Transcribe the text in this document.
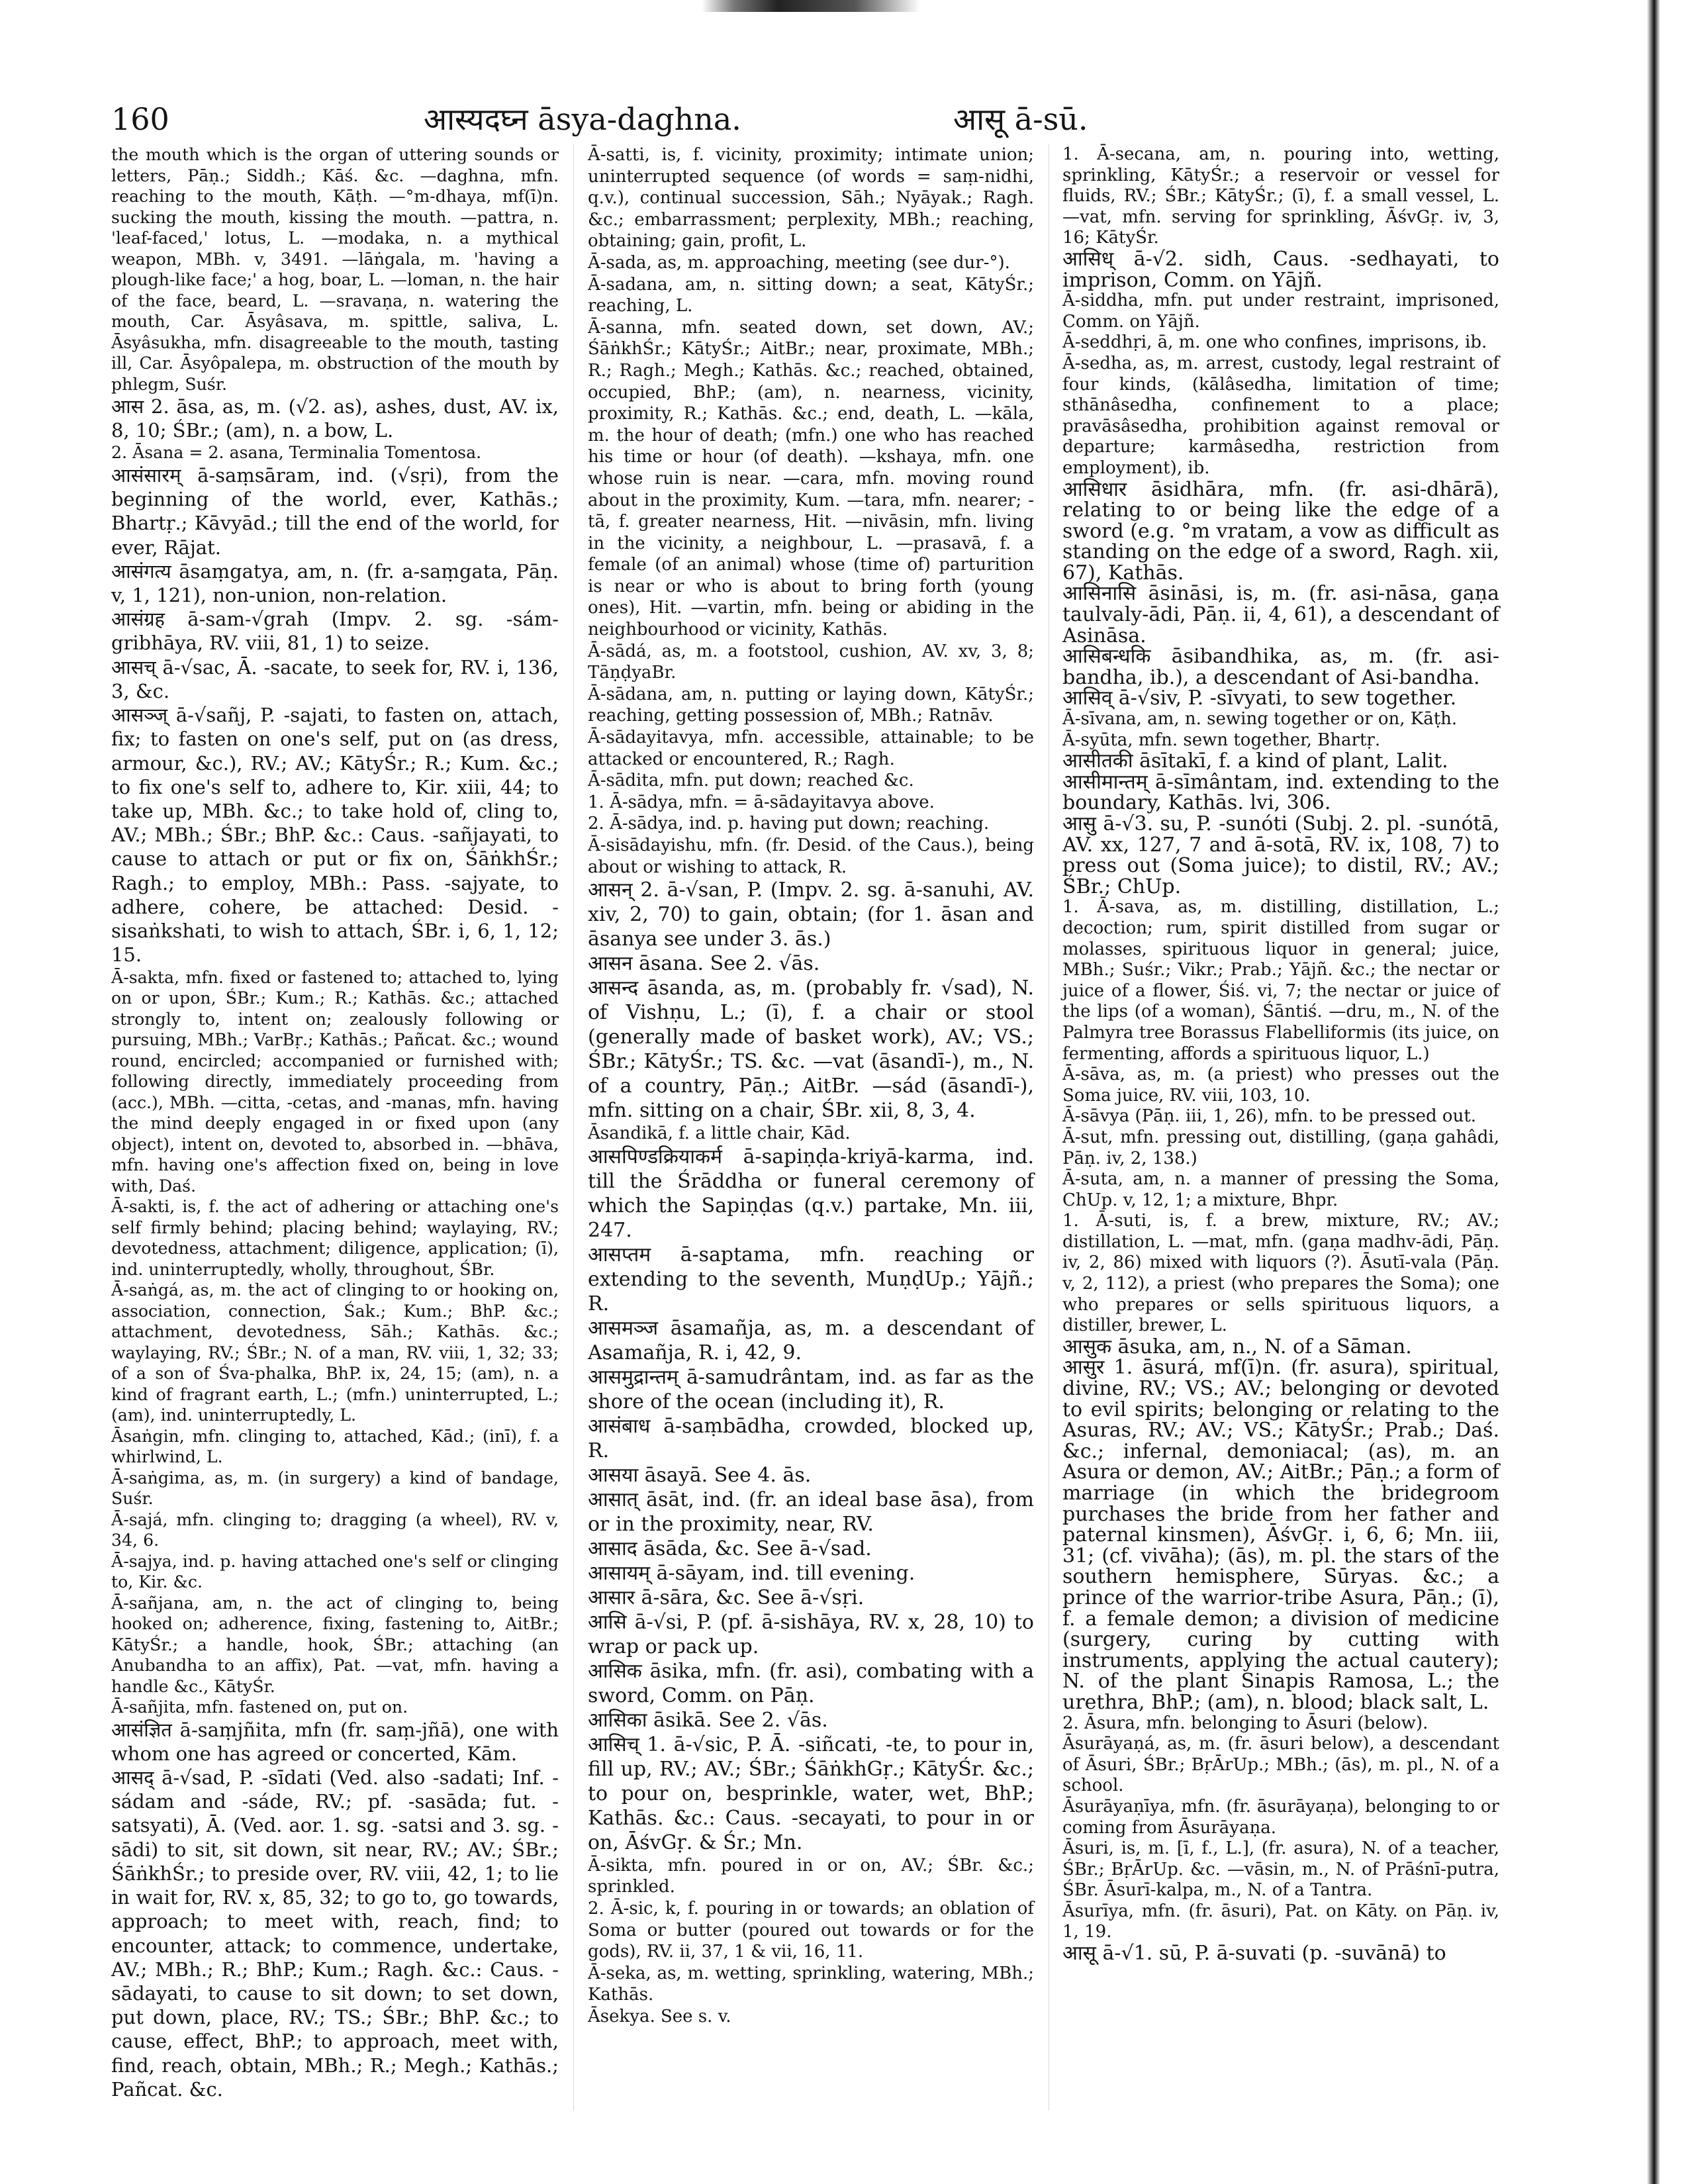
160	आस्यदघ्न āsya-daghna.	आसू ā-sū.

the mouth which is the organ of uttering sounds or letters, Pāṇ.; Siddh.; Kāś. &c. —daghna, mfn. reaching to the mouth, Kāṭh. —°m-dhaya, mf(ī)n. sucking the mouth, kissing the mouth. —pattra, n. 'leaf-faced,' lotus, L. —modaka, n. a mythical weapon, MBh. v, 3491. —lāṅgala, m. 'having a plough-like face;' a hog, boar, L. —loman, n. the hair of the face, beard, L. —sravaṇa, n. watering the mouth, Car. Āsyâsava, m. spittle, saliva, L. Āsyâsukha, mfn. disagreeable to the mouth, tasting ill, Car. Āsyôpalepa, m. obstruction of the mouth by phlegm, Suśr.

आस 2. āsa, as, m. (√2. as), ashes, dust, AV. ix, 8, 10; ŚBr.; (am), n. a bow, L.

2. Āsana = 2. asana, Terminalia Tomentosa.

आसंसारम् ā-saṃsāram, ind. (√sṛi), from the beginning of the world, ever, Kathās.; Bhartṛ.; Kāvyād.; till the end of the world, for ever, Rājat.

आसंगत्य āsaṃgatya, am, n. (fr. a-saṃgata, Pāṇ. v, 1, 121), non-union, non-relation.

आसंग्रह ā-sam-√grah (Impv. 2. sg. -sám-gribhāya, RV. viii, 81, 1) to seize.

आसच् ā-√sac, Ā. -sacate, to seek for, RV. i, 136, 3, &c.

आसञ्ज् ā-√sañj, P. -sajati, to fasten on, attach, fix; to fasten on one's self, put on (as dress, armour, &c.), RV.; AV.; KātyŚr.; R.; Kum. &c.; to fix one's self to, adhere to, Kir. xiii, 44; to take up, MBh. &c.; to take hold of, cling to, AV.; MBh.; ŚBr.; BhP. &c.: Caus. -sañjayati, to cause to attach or put or fix on, ŚāṅkhŚr.; Ragh.; to employ, MBh.: Pass. -sajyate, to adhere, cohere, be attached: Desid. -sisaṅkshati, to wish to attach, ŚBr. i, 6, 1, 12; 15.

Ā-sakta, mfn. fixed or fastened to; attached to, lying on or upon, ŚBr.; Kum.; R.; Kathās. &c.; attached strongly to, intent on; zealously following or pursuing, MBh.; VarBṛ.; Kathās.; Pañcat. &c.; wound round, encircled; accompanied or furnished with; following directly, immediately proceeding from (acc.), MBh. —citta, -cetas, and -manas, mfn. having the mind deeply engaged in or fixed upon (any object), intent on, devoted to, absorbed in. —bhāva, mfn. having one's affection fixed on, being in love with, Daś.

Ā-sakti, is, f. the act of adhering or attaching one's self firmly behind; placing behind; waylaying, RV.; devotedness, attachment; diligence, application; (ī), ind. uninterruptedly, wholly, throughout, ŚBr.

Ā-saṅgá, as, m. the act of clinging to or hooking on, association, connection, Śak.; Kum.; BhP. &c.; attachment, devotedness, Sāh.; Kathās. &c.; waylaying, RV.; ŚBr.; N. of a man, RV. viii, 1, 32; 33; of a son of Śva-phalka, BhP. ix, 24, 15; (am), n. a kind of fragrant earth, L.; (mfn.) uninterrupted, L.; (am), ind. uninterruptedly, L.

Āsaṅgin, mfn. clinging to, attached, Kād.; (inī), f. a whirlwind, L.

Ā-saṅgima, as, m. (in surgery) a kind of bandage, Suśr.

Ā-sajá, mfn. clinging to; dragging (a wheel), RV. v, 34, 6.

Ā-sajya, ind. p. having attached one's self or clinging to, Kir. &c.

Ā-sañjana, am, n. the act of clinging to, being hooked on; adherence, fixing, fastening to, AitBr.; KātyŚr.; a handle, hook, ŚBr.; attaching (an Anubandha to an affix), Pat. —vat, mfn. having a handle &c., KātyŚr.

Ā-sañjita, mfn. fastened on, put on.

आसंज्ञित ā-saṃjñita, mfn (fr. saṃ-jñā), one with whom one has agreed or concerted, Kām.

आसद् ā-√sad, P. -sīdati (Ved. also -sadati; Inf. -sádam and -sáde, RV.; pf. -sasāda; fut. -satsyati), Ā. (Ved. aor. 1. sg. -satsi and 3. sg. -sādi) to sit, sit down, sit near, RV.; AV.; ŚBr.; ŚāṅkhŚr.; to preside over, RV. viii, 42, 1; to lie in wait for, RV. x, 85, 32; to go to, go towards, approach; to meet with, reach, find; to encounter, attack; to commence, undertake, AV.; MBh.; R.; BhP.; Kum.; Ragh. &c.: Caus. -sādayati, to cause to sit down; to set down, put down, place, RV.; TS.; ŚBr.; BhP. &c.; to cause, effect, BhP.; to approach, meet with, find, reach, obtain, MBh.; R.; Megh.; Kathās.; Pañcat. &c.

Ā-satti, is, f. vicinity, proximity; intimate union; uninterrupted sequence (of words = saṃ-nidhi, q.v.), continual succession, Sāh.; Nyāyak.; Ragh. &c.; embarrassment; perplexity, MBh.; reaching, obtaining; gain, profit, L.

Ā-sada, as, m. approaching, meeting (see dur-°).

Ā-sadana, am, n. sitting down; a seat, KātyŚr.; reaching, L.

Ā-sanna, mfn. seated down, set down, AV.; ŚāṅkhŚr.; KātyŚr.; AitBr.; near, proximate, MBh.; R.; Ragh.; Megh.; Kathās. &c.; reached, obtained, occupied, BhP.; (am), n. nearness, vicinity, proximity, R.; Kathās. &c.; end, death, L. —kāla, m. the hour of death; (mfn.) one who has reached his time or hour (of death). —kshaya, mfn. one whose ruin is near. —cara, mfn. moving round about in the proximity, Kum. —tara, mfn. nearer; -tā, f. greater nearness, Hit. —nivāsin, mfn. living in the vicinity, a neighbour, L. —prasavā, f. a female (of an animal) whose (time of) parturition is near or who is about to bring forth (young ones), Hit. —vartin, mfn. being or abiding in the neighbourhood or vicinity, Kathās.

Ā-sādá, as, m. a footstool, cushion, AV. xv, 3, 8; TāṇḍyaBr.

Ā-sādana, am, n. putting or laying down, KātyŚr.; reaching, getting possession of, MBh.; Ratnāv.

Ā-sādayitavya, mfn. accessible, attainable; to be attacked or encountered, R.; Ragh.

Ā-sādita, mfn. put down; reached &c.

1. Ā-sādya, mfn. = ā-sādayitavya above.

2. Ā-sādya, ind. p. having put down; reaching.

Ā-sisādayishu, mfn. (fr. Desid. of the Caus.), being about or wishing to attack, R.

आसन् 2. ā-√san, P. (Impv. 2. sg. ā-sanuhi, AV. xiv, 2, 70) to gain, obtain; (for 1. āsan and āsanya see under 3. ās.)

आसन āsana. See 2. √ās.

आसन्द āsanda, as, m. (probably fr. √sad), N. of Vishṇu, L.; (ī), f. a chair or stool (generally made of basket work), AV.; VS.; ŚBr.; KātyŚr.; TS. &c. —vat (āsandī-), m., N. of a country, Pāṇ.; AitBr. —sád (āsandī-), mfn. sitting on a chair, ŚBr. xii, 8, 3, 4.

Āsandikā, f. a little chair, Kād.

आसपिण्डक्रियाकर्म ā-sapiṇḍa-kriyā-karma, ind. till the Śrāddha or funeral ceremony of which the Sapiṇḍas (q.v.) partake, Mn. iii, 247.

आसप्तम ā-saptama, mfn. reaching or extending to the seventh, MuṇḍUp.; Yājñ.; R.

आसमञ्ज āsamañja, as, m. a descendant of Asamañja, R. i, 42, 9.

आसमुद्रान्तम् ā-samudrântam, ind. as far as the shore of the ocean (including it), R.

आसंबाध ā-saṃbādha, crowded, blocked up, R.

आसया āsayā. See 4. ās.

आसात् āsāt, ind. (fr. an ideal base āsa), from or in the proximity, near, RV.

आसाद āsāda, &c. See ā-√sad.

आसायम् ā-sāyam, ind. till evening.

आसार ā-sāra, &c. See ā-√sṛi.

आसि ā-√si, P. (pf. ā-sishāya, RV. x, 28, 10) to wrap or pack up.

आसिक āsika, mfn. (fr. asi), combating with a sword, Comm. on Pāṇ.

आसिका āsikā. See 2. √ās.

आसिच् 1. ā-√sic, P. Ā. -siñcati, -te, to pour in, fill up, RV.; AV.; ŚBr.; ŚāṅkhGṛ.; KātyŚr. &c.; to pour on, besprinkle, water, wet, BhP.; Kathās. &c.: Caus. -secayati, to pour in or on, ĀśvGṛ. & Śr.; Mn.

Ā-sikta, mfn. poured in or on, AV.; ŚBr. &c.; sprinkled.

2. Ā-sic, k, f. pouring in or towards; an oblation of Soma or butter (poured out towards or for the gods), RV. ii, 37, 1 & vii, 16, 11.

Ā-seka, as, m. wetting, sprinkling, watering, MBh.; Kathās.

Āsekya. See s. v.

1. Ā-secana, am, n. pouring into, wetting, sprinkling, KātyŚr.; a reservoir or vessel for fluids, RV.; ŚBr.; KātyŚr.; (ī), f. a small vessel, L. —vat, mfn. serving for sprinkling, ĀśvGṛ. iv, 3, 16; KātyŚr.

आसिध् ā-√2. sidh, Caus. -sedhayati, to imprison, Comm. on Yājñ.

Ā-siddha, mfn. put under restraint, imprisoned, Comm. on Yājñ.

Ā-seddhṛi, ā, m. one who confines, imprisons, ib.

Ā-sedha, as, m. arrest, custody, legal restraint of four kinds, (kālâsedha, limitation of time; sthānâsedha, confinement to a place; pravāsâsedha, prohibition against removal or departure; karmâsedha, restriction from employment), ib.

आसिधार āsidhāra, mfn. (fr. asi-dhārā), relating to or being like the edge of a sword (e.g. °m vratam, a vow as difficult as standing on the edge of a sword, Ragh. xii, 67), Kathās.

आसिनासि āsināsi, is, m. (fr. asi-nāsa, gaṇa taulvaly-ādi, Pāṇ. ii, 4, 61), a descendant of Asināsa.

आसिबन्धकि āsibandhika, as, m. (fr. asi-bandha, ib.), a descendant of Asi-bandha.

आसिव् ā-√siv, P. -sīvyati, to sew together.

Ā-sīvana, am, n. sewing together or on, Kāṭh.

Ā-syūta, mfn. sewn together, Bhartṛ.

आसीतकी āsītakī, f. a kind of plant, Lalit.

आसीमान्तम् ā-sīmântam, ind. extending to the boundary, Kathās. lvi, 306.

आसु ā-√3. su, P. -sunóti (Subj. 2. pl. -sunótā, AV. xx, 127, 7 and ā-sotā, RV. ix, 108, 7) to press out (Soma juice); to distil, RV.; AV.; ŚBr.; ChUp.

1. Ā-sava, as, m. distilling, distillation, L.; decoction; rum, spirit distilled from sugar or molasses, spirituous liquor in general; juice, MBh.; Suśr.; Vikr.; Prab.; Yājñ. &c.; the nectar or juice of a flower, Śiś. vi, 7; the nectar or juice of the lips (of a woman), Śāntiś. —dru, m., N. of the Palmyra tree Borassus Flabelliformis (its juice, on fermenting, affords a spirituous liquor, L.)

Ā-sāva, as, m. (a priest) who presses out the Soma juice, RV. viii, 103, 10.

Ā-sāvya (Pāṇ. iii, 1, 26), mfn. to be pressed out.

Ā-sut, mfn. pressing out, distilling, (gaṇa gahâdi, Pāṇ. iv, 2, 138.)

Ā-suta, am, n. a manner of pressing the Soma, ChUp. v, 12, 1; a mixture, Bhpr.

1. Ā-suti, is, f. a brew, mixture, RV.; AV.; distillation, L. —mat, mfn. (gaṇa madhv-ādi, Pāṇ. iv, 2, 86) mixed with liquors (?). Āsutī-vala (Pāṇ. v, 2, 112), a priest (who prepares the Soma); one who prepares or sells spirituous liquors, a distiller, brewer, L.

आसुक āsuka, am, n., N. of a Sāman.

आसुर 1. āsurá, mf(ī)n. (fr. asura), spiritual, divine, RV.; VS.; AV.; belonging or devoted to evil spirits; belonging or relating to the Asuras, RV.; AV.; VS.; KātyŚr.; Prab.; Daś. &c.; infernal, demoniacal; (as), m. an Asura or demon, AV.; AitBr.; Pāṇ.; a form of marriage (in which the bridegroom purchases the bride from her father and paternal kinsmen), ĀśvGṛ. i, 6, 6; Mn. iii, 31; (cf. vivāha); (ās), m. pl. the stars of the southern hemisphere, Sūryas. &c.; a prince of the warrior-tribe Asura, Pāṇ.; (ī), f. a female demon; a division of medicine (surgery, curing by cutting with instruments, applying the actual cautery); N. of the plant Sinapis Ramosa, L.; the urethra, BhP.; (am), n. blood; black salt, L.

2. Āsura, mfn. belonging to Āsuri (below).

Āsurāyaṇá, as, m. (fr. āsuri below), a descendant of Āsuri, ŚBr.; BṛĀrUp.; MBh.; (ās), m. pl., N. of a school.

Āsurāyaṇīya, mfn. (fr. āsurāyaṇa), belonging to or coming from Āsurāyaṇa.

Āsuri, is, m. [ī, f., L.], (fr. asura), N. of a teacher, ŚBr.; BṛĀrUp. &c. —vāsin, m., N. of Prāśnī-putra, ŚBr. Āsurī-kalpa, m., N. of a Tantra.

Āsurīya, mfn. (fr. āsuri), Pat. on Kāty. on Pāṇ. iv, 1, 19.

आसू ā-√1. sū, P. ā-suvati (p. -suvānā) to
